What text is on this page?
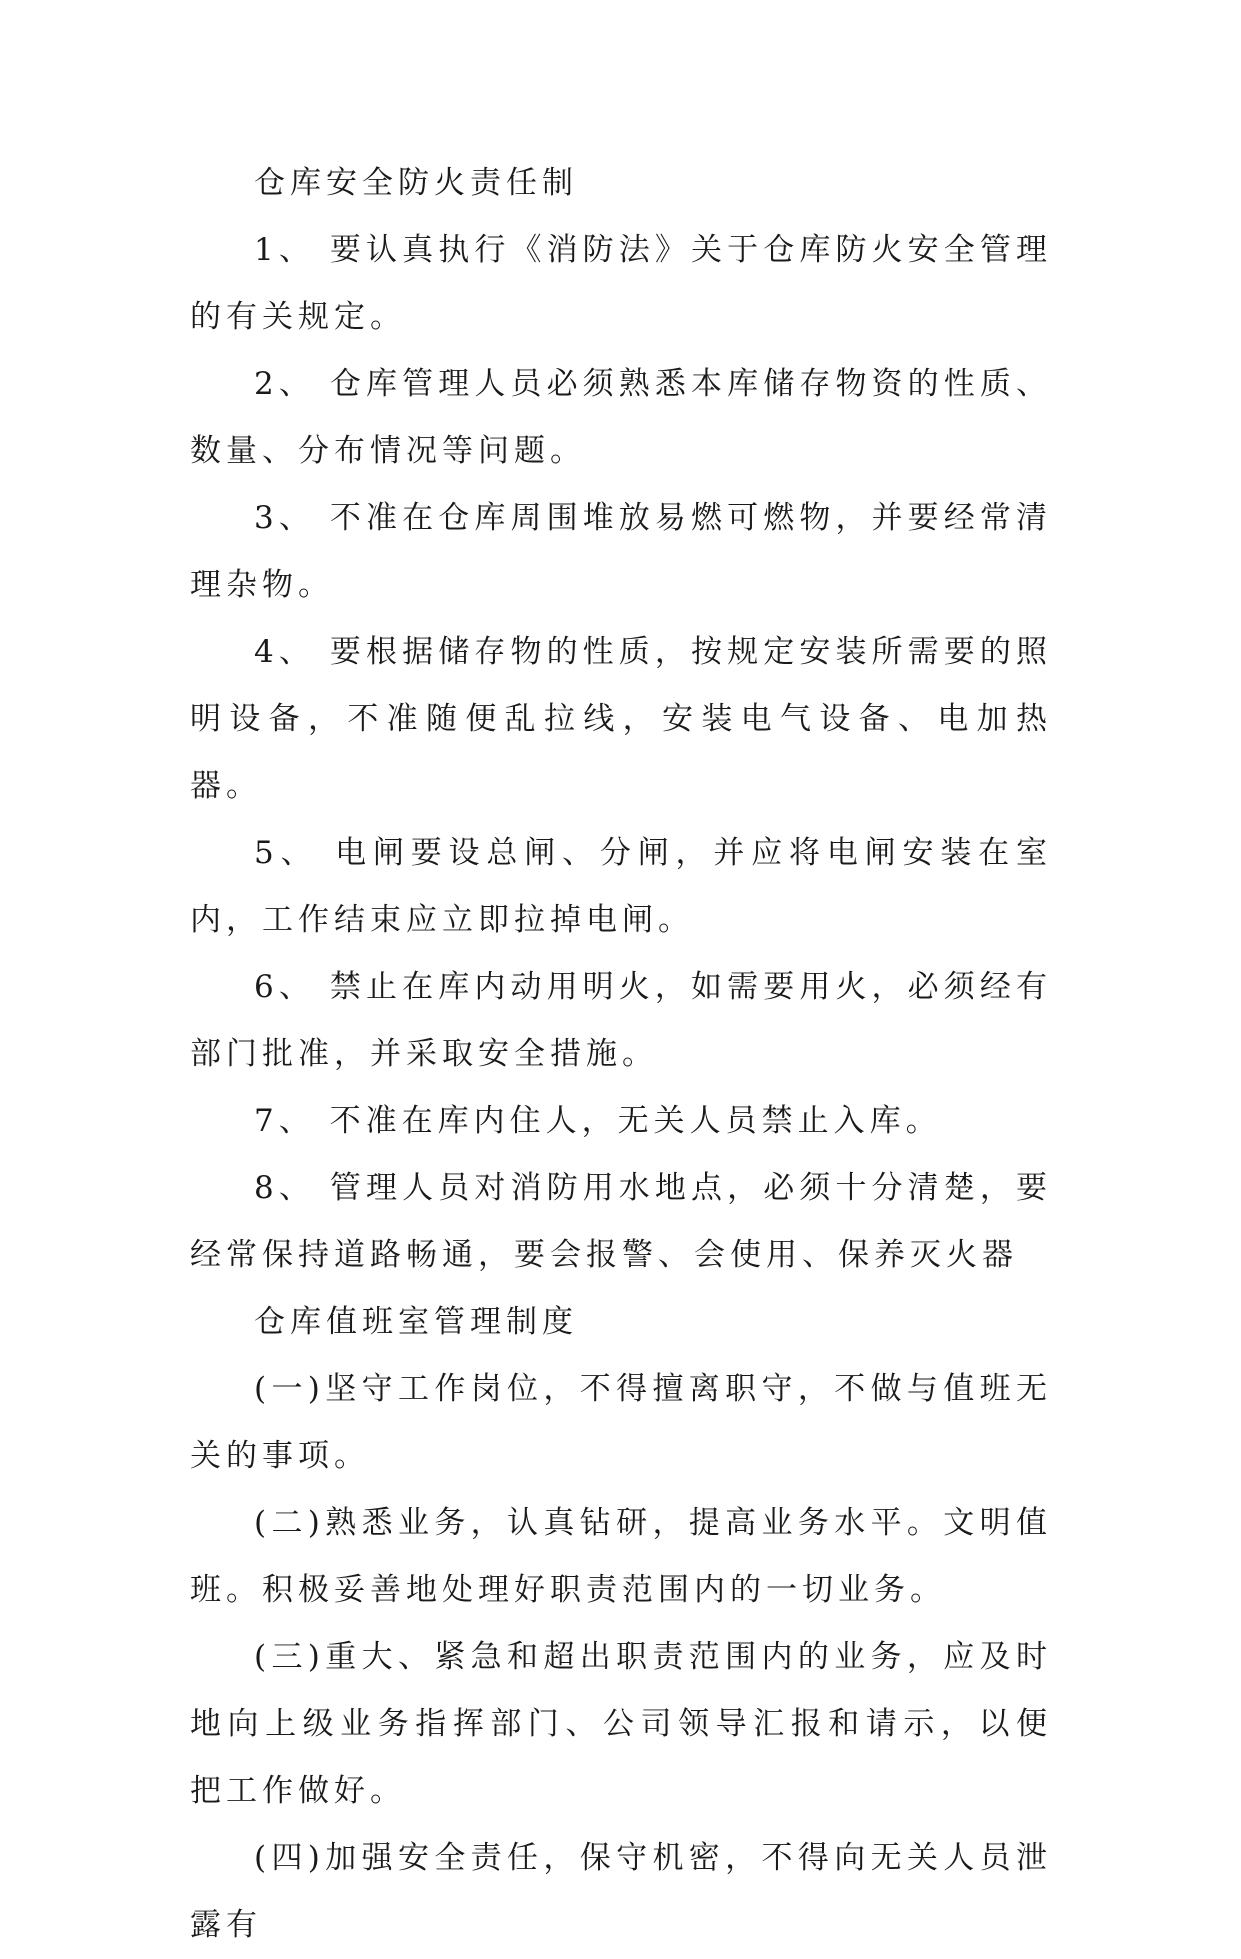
仓库安全防火责任制

1、 要认真执行《消防法》关于仓库防火安全管理的有关规定。

2、 仓库管理人员必须熟悉本库储存物资的性质、数量、分布情况等问题。

3、 不准在仓库周围堆放易燃可燃物，并要经常清理杂物。

4、 要根据储存物的性质，按规定安装所需要的照明设备，不准随便乱拉线，安装电气设备、电加热器。

5、 电闸要设总闸、分闸，并应将电闸安装在室内，工作结束应立即拉掉电闸。

6、 禁止在库内动用明火，如需要用火，必须经有部门批准，并采取安全措施。

7、 不准在库内住人，无关人员禁止入库。

8、 管理人员对消防用水地点，必须十分清楚，要经常保持道路畅通，要会报警、会使用、保养灭火器

仓库值班室管理制度

(一)坚守工作岗位，不得擅离职守，不做与值班无关的事项。

(二)熟悉业务，认真钻研，提高业务水平。文明值班。积极妥善地处理好职责范围内的一切业务。

(三)重大、紧急和超出职责范围内的业务，应及时地向上级业务指挥部门、公司领导汇报和请示，以便把工作做好。

(四)加强安全责任，保守机密，不得向无关人员泄露有
